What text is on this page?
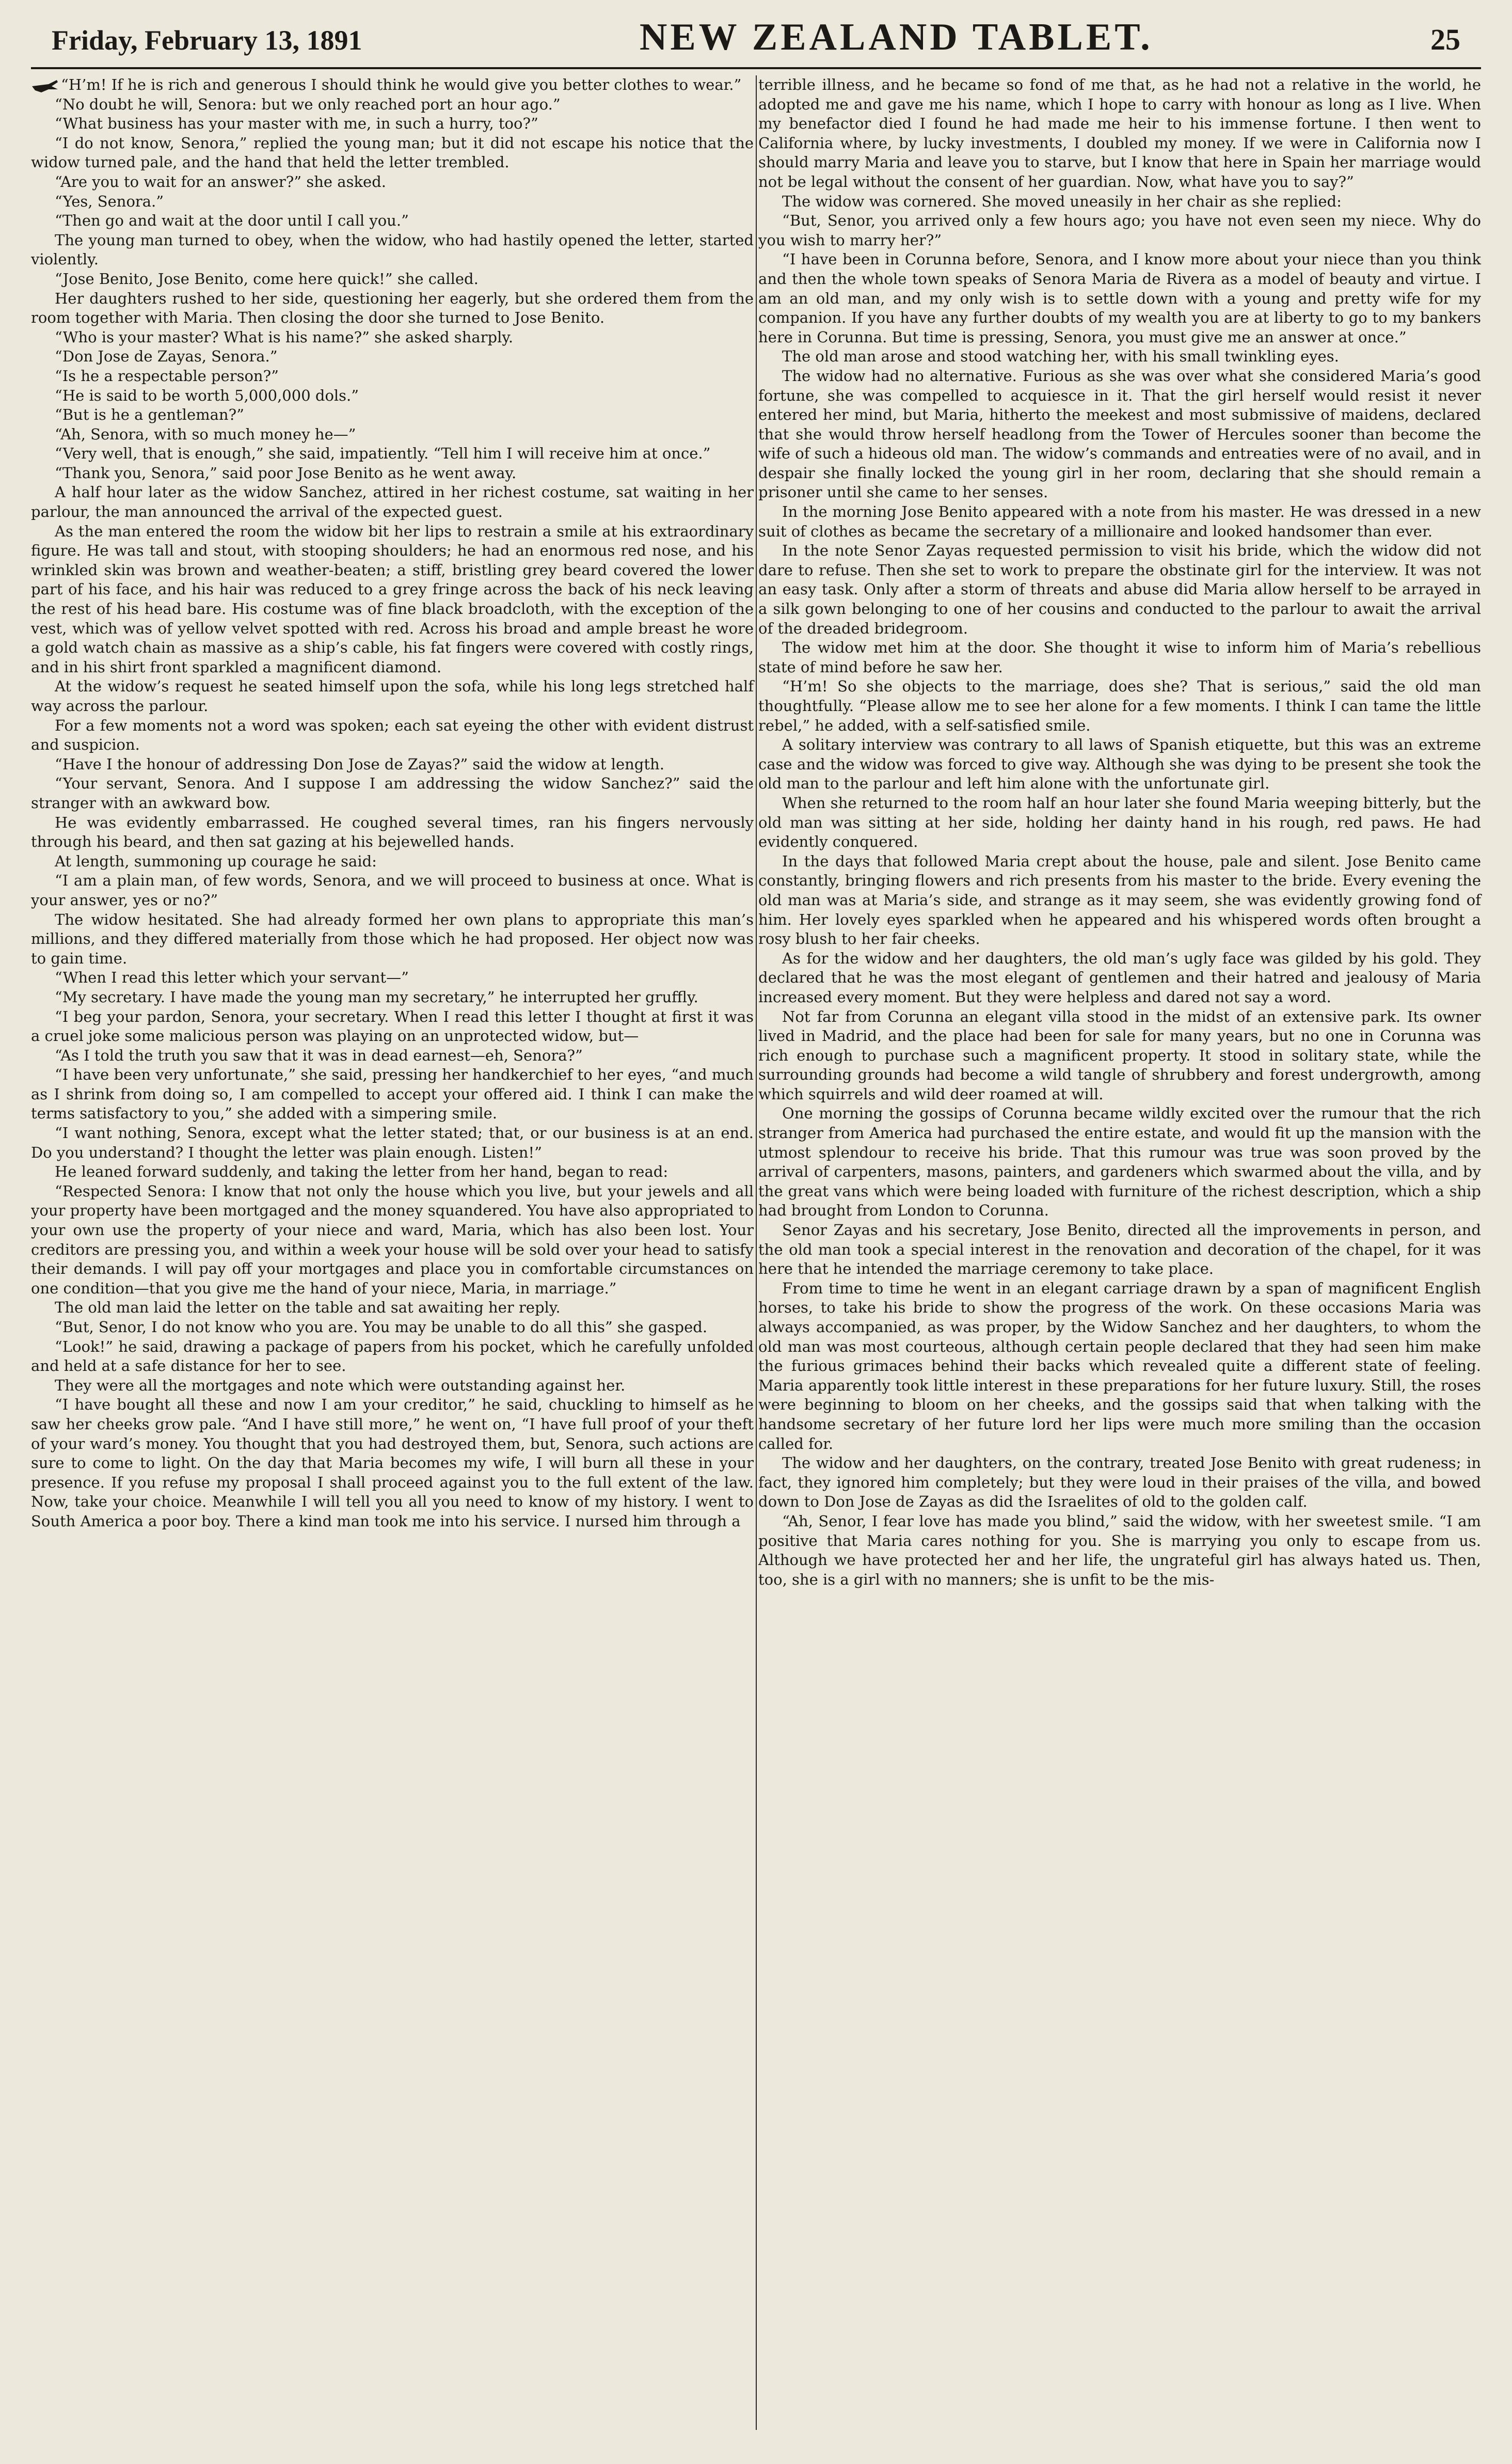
Friday, February 13, 1891	NEW ZEALAND TABLET.	25

“H’m! If he is rich and generous I should think he would give you better clothes to wear.”

“No doubt he will, Senora: but we only reached port an hour ago.”

“What business has your master with me, in such a hurry, too?”

“I do not know, Senora,” replied the young man; but it did not escape his notice that the widow turned pale, and the hand that held the letter trembled.

“Are you to wait for an answer?” she asked.

“Yes, Senora.”

“Then go and wait at the door until I call you.”

The young man turned to obey, when the widow, who had hastily opened the letter, started violently.

“Jose Benito, Jose Benito, come here quick!” she called.

Her daughters rushed to her side, questioning her eagerly, but she ordered them from the room together with Maria. Then closing the door she turned to Jose Benito.

“Who is your master? What is his name?” she asked sharply.

“Don Jose de Zayas, Senora.”

“Is he a respectable person?”

“He is said to be worth 5,000,000 dols.”

“But is he a gentleman?”

“Ah, Senora, with so much money he—”

“Very well, that is enough,” she said, impatiently. “Tell him I will receive him at once.”

“Thank you, Senora,” said poor Jose Benito as he went away.

A half hour later as the widow Sanchez, attired in her richest costume, sat waiting in her parlour, the man announced the arrival of the expected guest.

As the man entered the room the widow bit her lips to restrain a smile at his extraordinary figure. He was tall and stout, with stooping shoulders; he had an enormous red nose, and his wrinkled skin was brown and weather-beaten; a stiff, bristling grey beard covered the lower part of his face, and his hair was reduced to a grey fringe across the back of his neck leaving the rest of his head bare. His costume was of fine black broadcloth, with the exception of the vest, which was of yellow velvet spotted with red. Across his broad and ample breast he wore a gold watch chain as massive as a ship’s cable, his fat fingers were covered with costly rings, and in his shirt front sparkled a magnificent diamond.

At the widow’s request he seated himself upon the sofa, while his long legs stretched half way across the parlour.

For a few moments not a word was spoken; each sat eyeing the other with evident distrust and suspicion.

“Have I the honour of addressing Don Jose de Zayas?” said the widow at length.

“Your servant, Senora. And I suppose I am addressing the widow Sanchez?” said the stranger with an awkward bow.

He was evidently embarrassed. He coughed several times, ran his fingers nervously through his beard, and then sat gazing at his bejewelled hands.

At length, summoning up courage he said:

“I am a plain man, of few words, Senora, and we will proceed to business at once. What is your answer, yes or no?”

The widow hesitated. She had already formed her own plans to appropriate this man’s millions, and they differed materially from those which he had proposed. Her object now was to gain time.

“When I read this letter which your servant—”

“My secretary. I have made the young man my secretary,” he interrupted her gruffly.

“I beg your pardon, Senora, your secretary. When I read this letter I thought at first it was a cruel joke some malicious person was playing on an unprotected widow, but—

“As I told the truth you saw that it was in dead earnest—eh, Senora?”

“I have been very unfortunate,” she said, pressing her handkerchief to her eyes, “and much as I shrink from doing so, I am compelled to accept your offered aid. I think I can make the terms satisfactory to you,” she added with a simpering smile.

“I want nothing, Senora, except what the letter stated; that, or our business is at an end. Do you understand? I thought the letter was plain enough. Listen!”

He leaned forward suddenly, and taking the letter from her hand, began to read:

“Respected Senora: I know that not only the house which you live, but your jewels and all your property have been mortgaged and the money squandered. You have also appropriated to your own use the property of your niece and ward, Maria, which has also been lost. Your creditors are pressing you, and within a week your house will be sold over your head to satisfy their demands. I will pay off your mortgages and place you in comfortable circumstances on one condition—that you give me the hand of your niece, Maria, in marriage.”

The old man laid the letter on the table and sat awaiting her reply.

“But, Senor, I do not know who you are. You may be unable to do all this” she gasped.

“Look!” he said, drawing a package of papers from his pocket, which he carefully unfolded and held at a safe distance for her to see.

They were all the mortgages and note which were outstanding against her.

“I have bought all these and now I am your creditor,” he said, chuckling to himself as he saw her cheeks grow pale. “And I have still more,” he went on, “I have full proof of your theft of your ward’s money. You thought that you had destroyed them, but, Senora, such actions are sure to come to light. On the day that Maria becomes my wife, I will burn all these in your presence. If you refuse my proposal I shall proceed against you to the full extent of the law. Now, take your choice. Meanwhile I will tell you all you need to know of my history. I went to South America a poor boy. There a kind man took me into his service. I nursed him through a

terrible illness, and he became so fond of me that, as he had not a relative in the world, he adopted me and gave me his name, which I hope to carry with honour as long as I live. When my benefactor died I found he had made me heir to his immense fortune. I then went to California where, by lucky investments, I doubled my money. If we were in California now I should marry Maria and leave you to starve, but I know that here in Spain her marriage would not be legal without the consent of her guardian. Now, what have you to say?”

The widow was cornered. She moved uneasily in her chair as she replied:

“But, Senor, you arrived only a few hours ago; you have not even seen my niece. Why do you wish to marry her?”

“I have been in Corunna before, Senora, and I know more about your niece than you think and then the whole town speaks of Senora Maria de Rivera as a model of beauty and virtue. I am an old man, and my only wish is to settle down with a young and pretty wife for my companion. If you have any further doubts of my wealth you are at liberty to go to my bankers here in Corunna. But time is pressing, Senora, you must give me an answer at once.”

The old man arose and stood watching her, with his small twinkling eyes.

The widow had no alternative. Furious as she was over what she considered Maria’s good fortune, she was compelled to acquiesce in it. That the girl herself would resist it never entered her mind, but Maria, hitherto the meekest and most submissive of maidens, declared that she would throw herself headlong from the Tower of Hercules sooner than become the wife of such a hideous old man. The widow’s commands and entreaties were of no avail, and in despair she finally locked the young girl in her room, declaring that she should remain a prisoner until she came to her senses.

In the morning Jose Benito appeared with a note from his master. He was dressed in a new suit of clothes as became the secretary of a millionaire and looked handsomer than ever.

In the note Senor Zayas requested permission to visit his bride, which the widow did not dare to refuse. Then she set to work to prepare the obstinate girl for the interview. It was not an easy task. Only after a storm of threats and abuse did Maria allow herself to be arrayed in a silk gown belonging to one of her cousins and conducted to the parlour to await the arrival of the dreaded bridegroom.

The widow met him at the door. She thought it wise to inform him of Maria’s rebellious state of mind before he saw her.

“H’m! So she objects to the marriage, does she? That is serious,” said the old man thoughtfully. “Please allow me to see her alone for a few moments. I think I can tame the little rebel,” he added, with a self-satisfied smile.

A solitary interview was contrary to all laws of Spanish etiquette, but this was an extreme case and the widow was forced to give way. Although she was dying to be present she took the old man to the parlour and left him alone with the unfortunate girl.

When she returned to the room half an hour later she found Maria weeping bitterly, but the old man was sitting at her side, holding her dainty hand in his rough, red paws. He had evidently conquered.

In the days that followed Maria crept about the house, pale and silent. Jose Benito came constantly, bringing flowers and rich presents from his master to the bride. Every evening the old man was at Maria’s side, and strange as it may seem, she was evidently growing fond of him. Her lovely eyes sparkled when he appeared and his whispered words often brought a rosy blush to her fair cheeks.

As for the widow and her daughters, the old man’s ugly face was gilded by his gold. They declared that he was the most elegant of gentlemen and their hatred and jealousy of Maria increased every moment. But they were helpless and dared not say a word.

Not far from Corunna an elegant villa stood in the midst of an extensive park. Its owner lived in Madrid, and the place had been for sale for many years, but no one in Corunna was rich enough to purchase such a magnificent property. It stood in solitary state, while the surrounding grounds had become a wild tangle of shrubbery and forest undergrowth, among which squirrels and wild deer roamed at will.

One morning the gossips of Corunna became wildly excited over the rumour that the rich stranger from America had purchased the entire estate, and would fit up the mansion with the utmost splendour to receive his bride. That this rumour was true was soon proved by the arrival of carpenters, masons, painters, and gardeners which swarmed about the villa, and by the great vans which were being loaded with furniture of the richest description, which a ship had brought from London to Corunna.

Senor Zayas and his secretary, Jose Benito, directed all the improvements in person, and the old man took a special interest in the renovation and decoration of the chapel, for it was here that he intended the marriage ceremony to take place.

From time to time he went in an elegant carriage drawn by a span of magnificent English horses, to take his bride to show the progress of the work. On these occasions Maria was always accompanied, as was proper, by the Widow Sanchez and her daughters, to whom the old man was most courteous, although certain people declared that they had seen him make the furious grimaces behind their backs which revealed quite a different state of feeling. Maria apparently took little interest in these preparations for her future luxury. Still, the roses were beginning to bloom on her cheeks, and the gossips said that when talking with the handsome secretary of her future lord her lips were much more smiling than the occasion called for.

The widow and her daughters, on the contrary, treated Jose Benito with great rudeness; in fact, they ignored him completely; but they were loud in their praises of the villa, and bowed down to Don Jose de Zayas as did the Israelites of old to the golden calf.

“Ah, Senor, I fear love has made you blind,” said the widow, with her sweetest smile. “I am positive that Maria cares nothing for you. She is marrying you only to escape from us. Although we have protected her and her life, the ungrateful girl has always hated us. Then, too, she is a girl with no manners; she is unfit to be the mis-
